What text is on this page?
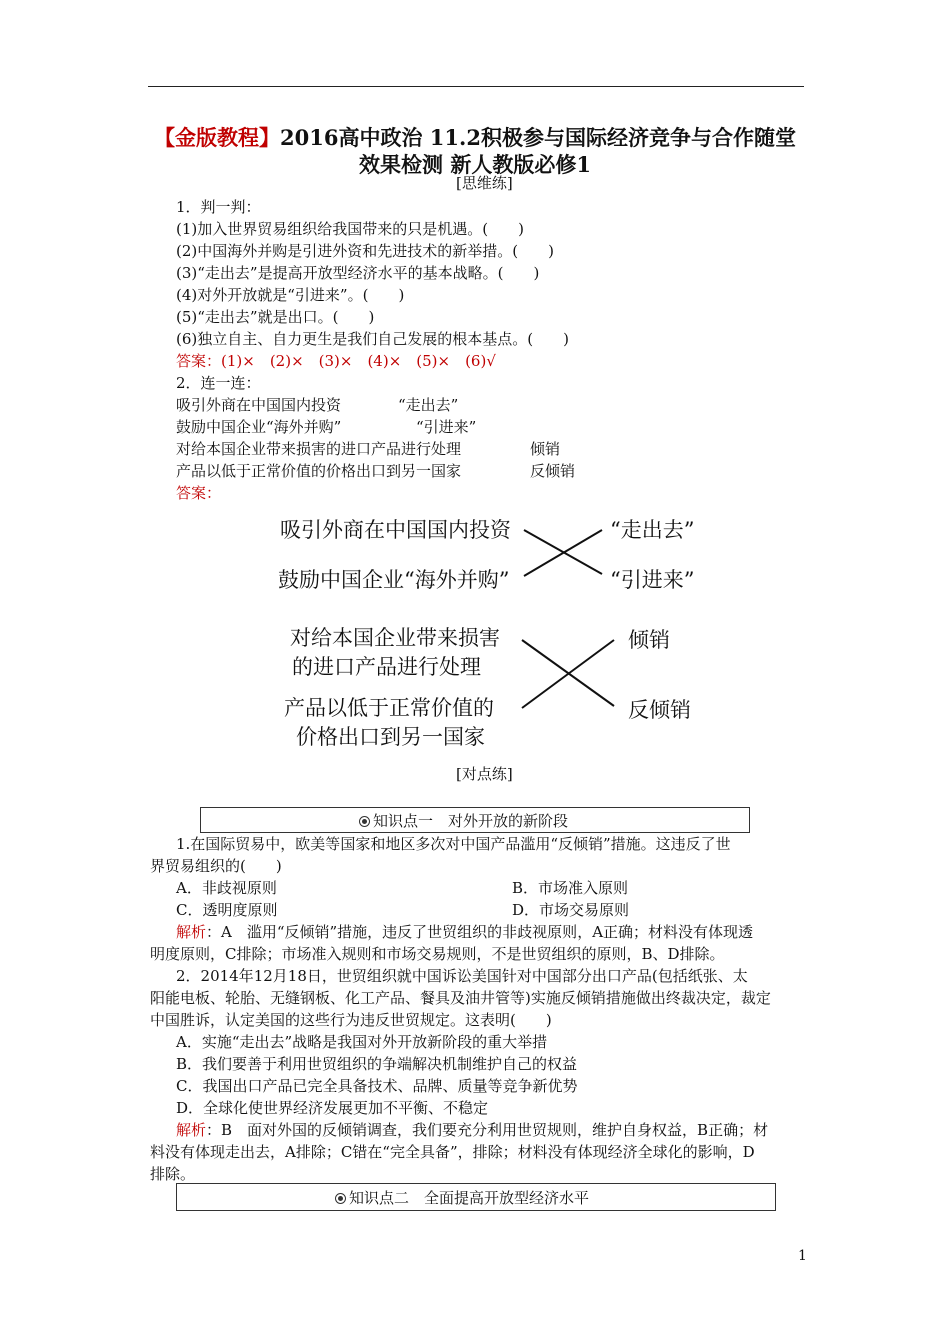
【金版教程】2016高中政治 11.2积极参与国际经济竞争与合作随堂
效果检测 新人教版必修1
[思维练]
1．判一判：
(1)加入世界贸易组织给我国带来的只是机遇。(　　)
(2)中国海外并购是引进外资和先进技术的新举措。(　　)
(3)“走出去”是提高开放型经济水平的基本战略。(　　)
(4)对外开放就是“引进来”。(　　)
(5)“走出去”就是出口。(　　)
(6)独立自主、自力更生是我们自己发展的根本基点。(　　)
答案：(1)×　(2)×　(3)×　(4)×　(5)×　(6)√
2．连一连：
吸引外商在中国国内投资	“走出去”
鼓励中国企业“海外并购”	“引进来”
对给本国企业带来损害的进口产品进行处理	倾销
产品以低于正常价值的价格出口到另一国家	反倾销
答案：
吸引外商在中国国内投资
鼓励中国企业“海外并购”
“走出去”
“引进来”
对给本国企业带来损害
的进口产品进行处理
产品以低于正常价值的
价格出口到另一国家
倾销
反倾销
[对点练]
知识点一　对外开放的新阶段
1.在国际贸易中，欧美等国家和地区多次对中国产品滥用“反倾销”措施。这违反了世
界贸易组织的(　　)
A．非歧视原则	B．市场准入原则
C．透明度原则	D．市场交易原则
解析：A　滥用“反倾销”措施，违反了世贸组织的非歧视原则，A正确；材料没有体现透
明度原则，C排除；市场准入规则和市场交易规则，不是世贸组织的原则，B、D排除。
2．2014年12月18日，世贸组织就中国诉讼美国针对中国部分出口产品(包括纸张、太
阳能电板、轮胎、无缝钢板、化工产品、餐具及油井管等)实施反倾销措施做出终裁决定，裁定
中国胜诉，认定美国的这些行为违反世贸规定。这表明(　　)
A．实施“走出去”战略是我国对外开放新阶段的重大举措
B．我们要善于利用世贸组织的争端解决机制维护自己的权益
C．我国出口产品已完全具备技术、品牌、质量等竞争新优势
D．全球化使世界经济发展更加不平衡、不稳定
解析：B　面对外国的反倾销调查，我们要充分利用世贸规则，维护自身权益，B正确；材
料没有体现走出去，A排除；C错在“完全具备”，排除；材料没有体现经济全球化的影响，D
排除。
知识点二　全面提高开放型经济水平
1
